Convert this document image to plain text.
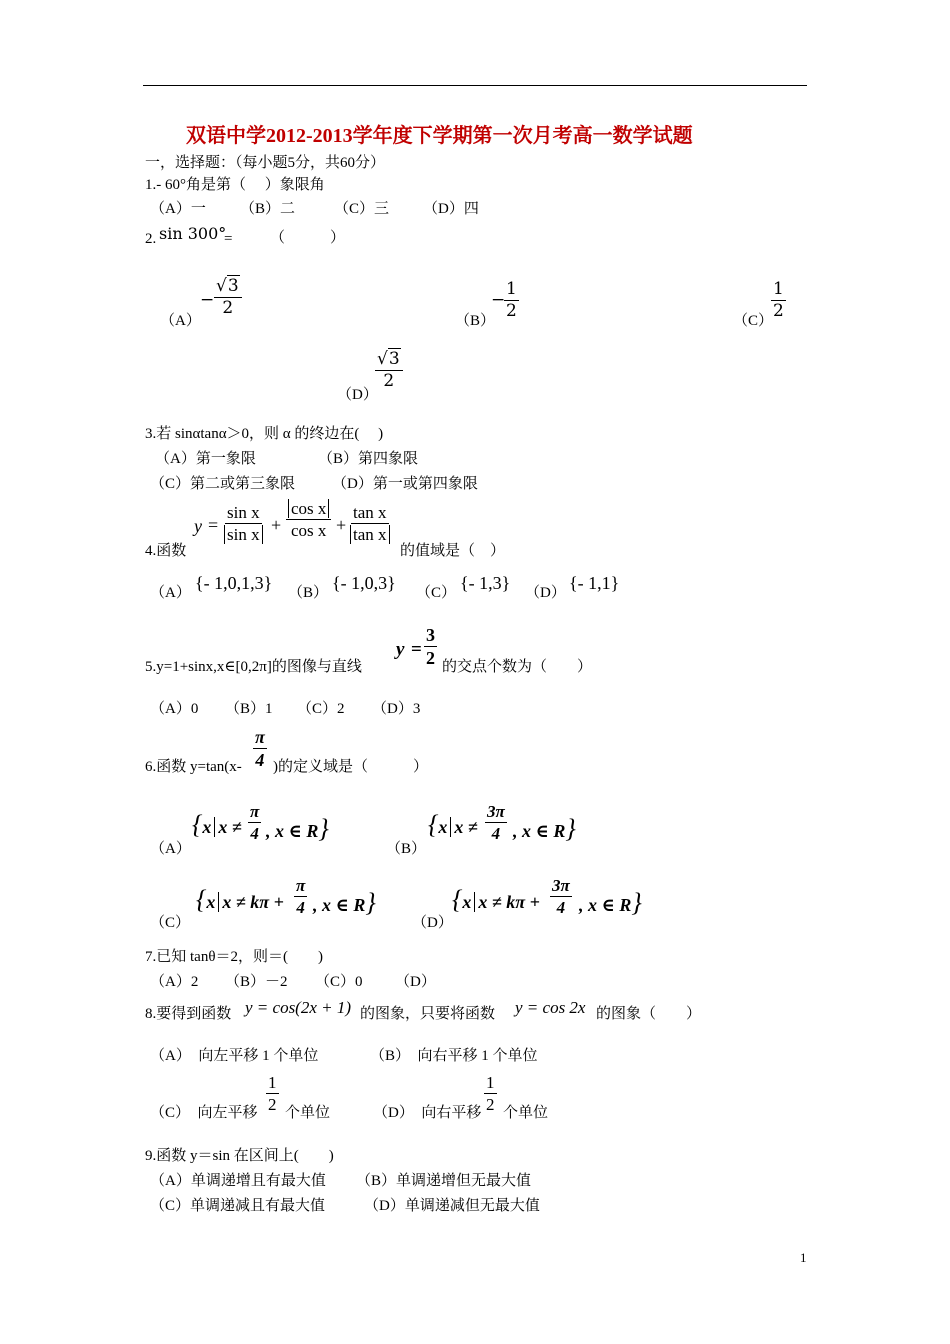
双语中学2012-2013学年度下学期第一次月考高一数学试题
一，选择题：（每小题5分，共60分）
1.- 60°角是第（　 ）象限角
（A）一 （B）二	（C）三 （D）四
2. sin 300°
=	（　　　）
（A）
− $\frac{√3}{2}$
（B）
−
$\frac{1}{2}$
（C）
$\frac{1}{2}$
（D）
$\frac{√3}{2}$
3.若 sinαtanα＞0，则 α 的终边在(　 )
（A）第一象限	（B）第四象限
（C）第二或第三象限 （D）第一或第四象限
$y = \frac{\text{sin x}}{\text{sin x}} + \frac{\text{cos x}}{\text{cos x}} + \frac{\text{tan x}}{\text{tan x}}$
4.函数	的值域是（　）
（A） {- 1,0,1,3} （B） {- 1,0,3} （C） {- 1,3} （D） {- 1,1}
5.y=1+sinx,x∈[0,2π]的图像与直线
$y = \frac{3}{2}$ 的交点个数为（　　）
（A）0 （B）1 （C）2 （D）3
6.函数 $y=\tan(x- \frac{\pi}{4}$ )的定义域是（　　　）
（A）
{x $x \ne \frac{\pi}{4}$ , x ∈ R}
（B）
{x $x \ne \frac{3\pi}{4}$ , x ∈ R}
（C）
{x $x \ne k\pi + \frac{\pi}{4}$ , x ∈ R}
（D）
{x $x \ne k\pi + \frac{3\pi}{4}$ , x ∈ R}
7.已知 tanθ＝2，则＝(　　)
（A）2 （B）－2 （C）0 （D）
8.要得到函数 y = cos(2x + 1) 的图象，只要将函数 y = cos 2x 的图象（　　）
（A）　向左平移 1 个单位	（B）　向右平移 1 个单位
（C）　向左平移 $\frac{1}{2}$ 个单位	（D）　向右平移 $\frac{1}{2}$ 个单位
9.函数 y＝sin 在区间上(　　)
（A）单调递增且有最大值 （B）单调递增但无最大值
（C）单调递减且有最大值	（D）单调递减但无最大值
1
